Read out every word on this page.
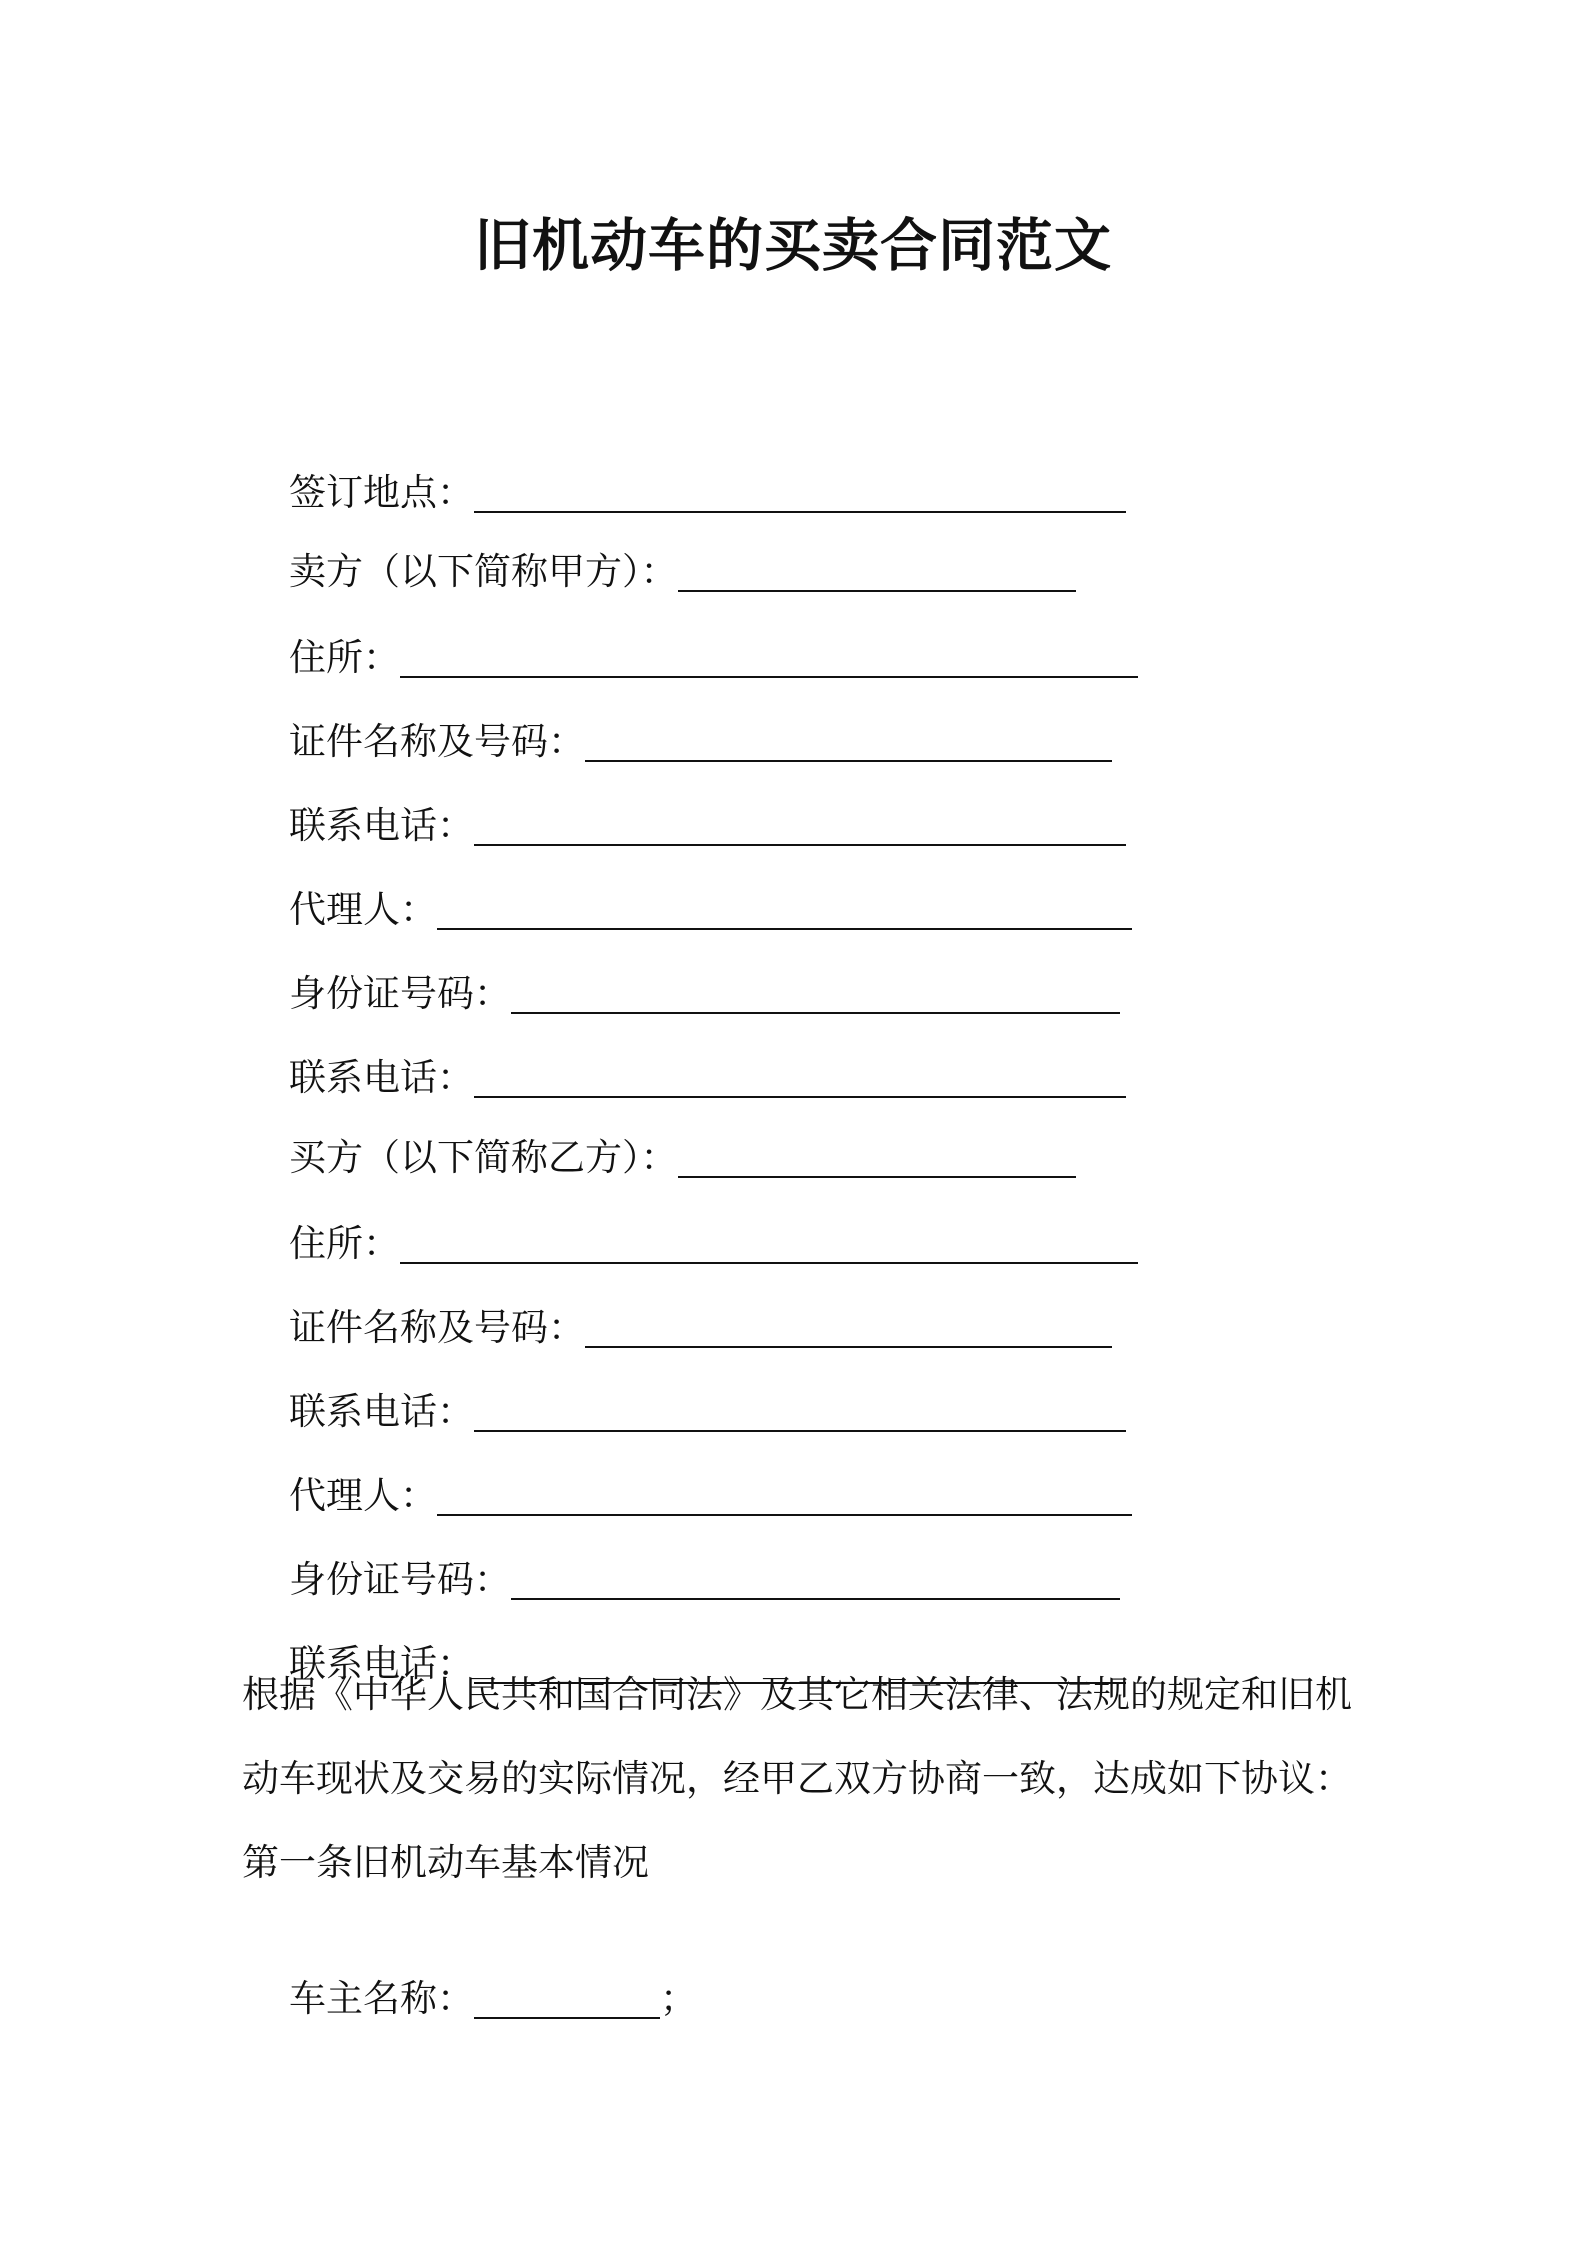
旧机动车的买卖合同范文

签订地点：

卖方（以下简称甲方）：

住所：

证件名称及号码：

联系电话：

代理人：

身份证号码：

联系电话：

买方（以下简称乙方）：

住所：

证件名称及号码：

联系电话：

代理人：

身份证号码：

联系电话：

根据《中华人民共和国合同法》及其它相关法律、法规的规定和旧机
动车现状及交易的实际情况，经甲乙双方协商一致，达成如下协议：
第一条旧机动车基本情况

车主名称：	；
